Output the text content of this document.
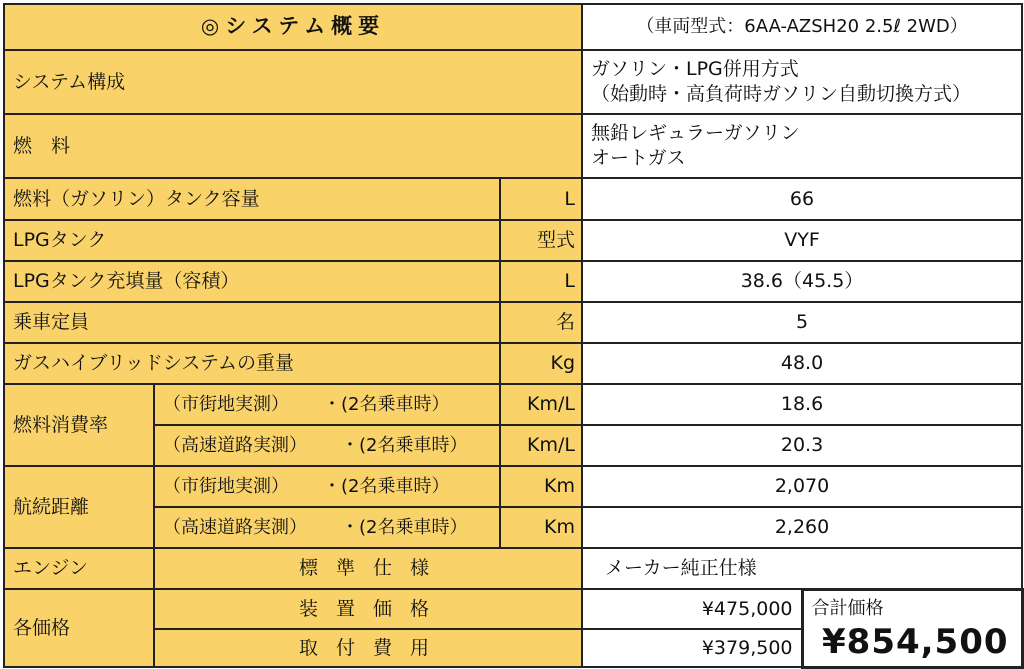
◎システム概要			（車両型式：6AA-AZSH20 2.5ℓ 2WD）	
システム構成			ガソリン・LPG併用方式
（始動時・高負荷時ガソリン自動切換方式）	

燃　料			無鉛レギュラーガソリン
オートガス	

燃料（ガソリン）タンク容量		L	66	
LPGタンク		型式	VYF	
LPGタンク充填量（容積）		L	38.6（45.5）	
乗車定員		名	5	
ガスハイブリッドシステムの重量		Kg	48.0	
燃料消費率	（市街地実測） ・(2名乗車時）	Km/L	18.6	
	（高速道路実測） ・(2名乗車時）	Km/L	20.3	
航続距離	（市街地実測） ・(2名乗車時）	Km	2,070	
	（高速道路実測） ・(2名乗車時）	Km	2,260	
エンジン	標準仕様		メーカー純正仕様	
各価格	装置価格		¥475,000	合計価格
¥854,500

	取付費用		¥379,500	
